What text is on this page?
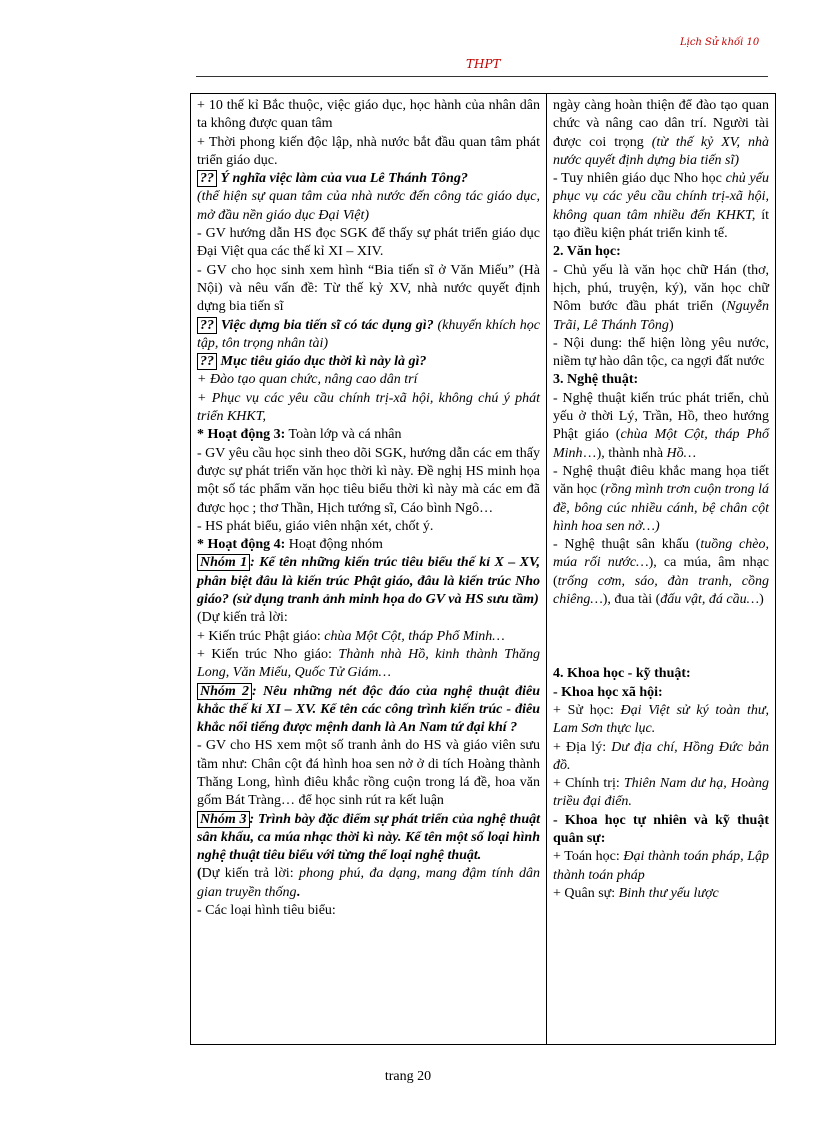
Lịch Sử khối 10
THPT

+ 10 thế kỉ Bắc thuộc, việc giáo dục, học hành của nhân dân ta không được quan tâm

+ Thời phong kiến độc lập, nhà nước bắt đầu quan tâm phát triển giáo dục.

?? Ý nghĩa việc làm của vua Lê Thánh Tông?
(thể hiện sự quan tâm của nhà nước đến công tác giáo dục, mở đầu nền giáo dục Đại Việt)

- GV hướng dẫn HS đọc SGK để thấy sự phát triển giáo dục Đại Việt qua các thế kỉ XI – XIV.

- GV cho học sinh xem hình “Bia tiến sĩ ở Văn Miếu” (Hà Nội) và nêu vấn đề: Từ thế kỷ XV, nhà nước quyết định dựng bia tiến sĩ

?? Việc dựng bia tiến sĩ có tác dụng gì? (khuyến khích học tập, tôn trọng nhân tài)

?? Mục tiêu giáo dục thời kì này là gì?

+ Đào tạo quan chức, nâng cao dân trí

+ Phục vụ các yêu cầu chính trị-xã hội, không chú ý phát triển KHKT,

* Hoạt động 3: Toàn lớp và cá nhân

- GV yêu cầu học sinh theo dõi SGK, hướng dẫn các em thấy được sự phát triển văn học thời kì này. Đề nghị HS minh họa một số tác phẩm văn học tiêu biểu thời kì này mà các em đã được học ; thơ Thần, Hịch tướng sĩ, Cáo bình Ngô…

- HS phát biểu, giáo viên nhận xét, chốt ý.

* Hoạt động 4: Hoạt động nhóm

Nhóm 1 : Kể tên những kiến trúc tiêu biểu thế kỉ X – XV, phân biệt đâu là kiến trúc Phật giáo, đâu là kiến trúc Nho giáo? (sử dụng tranh ảnh minh họa do GV và HS sưu tầm)

(Dự kiến trả lời:

+ Kiến trúc Phật giáo: chùa Một Cột, tháp Phổ Minh…

+ Kiến trúc Nho giáo: Thành nhà Hồ, kinh thành Thăng Long, Văn Miếu, Quốc Tử Giám…

Nhóm 2 : Nêu những nét độc đáo của nghệ thuật điêu khắc thế kỉ XI – XV. Kể tên các công trình kiến trúc - điêu khắc nổi tiếng được mệnh danh là An Nam tứ đại khí ?

- GV cho HS xem một số tranh ảnh do HS và giáo viên sưu tầm như: Chân cột đá hình hoa sen nở ở di tích Hoàng thành Thăng Long, hình điêu khắc rồng cuộn trong lá đề, hoa văn gốm Bát Tràng… để học sinh rút ra kết luận

Nhóm 3 : Trình bày đặc điểm sự phát triển của nghệ thuật sân khấu, ca múa nhạc thời kì này. Kể tên một số loại hình nghệ thuật tiêu biểu với từng thể loại nghệ thuật.

(Dự kiến trả lời: phong phú, đa dạng, mang đậm tính dân gian truyền thống.

- Các loại hình tiêu biểu:

ngày càng hoàn thiện để đào tạo quan chức và nâng cao dân trí. Người tài được coi trọng (từ thế kỷ XV, nhà nước quyết định dựng bia tiến sĩ)

- Tuy nhiên giáo dục Nho học chủ yếu phục vụ các yêu cầu chính trị-xã hội, không quan tâm nhiều đến KHKT, ít tạo điều kiện phát triển kinh tế.

2. Văn học:

- Chủ yếu là văn học chữ Hán (thơ, hịch, phú, truyện, ký), văn học chữ Nôm bước đầu phát triển (Nguyễn Trãi, Lê Thánh Tông)

- Nội dung: thể hiện lòng yêu nước, niềm tự hào dân tộc, ca ngợi đất nước

3. Nghệ thuật:

- Nghệ thuật kiến trúc phát triển, chủ yếu ở thời Lý, Trần, Hồ, theo hướng Phật giáo (chùa Một Cột, tháp Phổ Minh…), thành nhà Hồ…

- Nghệ thuật điêu khắc mang họa tiết văn học (rồng mình trơn cuộn trong lá đề, bông cúc nhiều cánh, bệ chân cột hình hoa sen nở…)

- Nghệ thuật sân khấu (tuồng chèo, múa rối nước…), ca múa, âm nhạc (trống cơm, sáo, đàn tranh, cồng chiêng…), đua tài (đấu vật, đá cầu…)

4. Khoa học - kỹ thuật:

- Khoa học xã hội:

+ Sử học: Đại Việt sử ký toàn thư, Lam Sơn thực lục.

+ Địa lý: Dư địa chí, Hồng Đức bản đồ.

+ Chính trị: Thiên Nam dư hạ, Hoàng triều đại điển.

- Khoa học tự nhiên và kỹ thuật quân sự:

+ Toán học: Đại thành toán pháp, Lập thành toán pháp

+ Quân sự: Binh thư yếu lược

trang 20
